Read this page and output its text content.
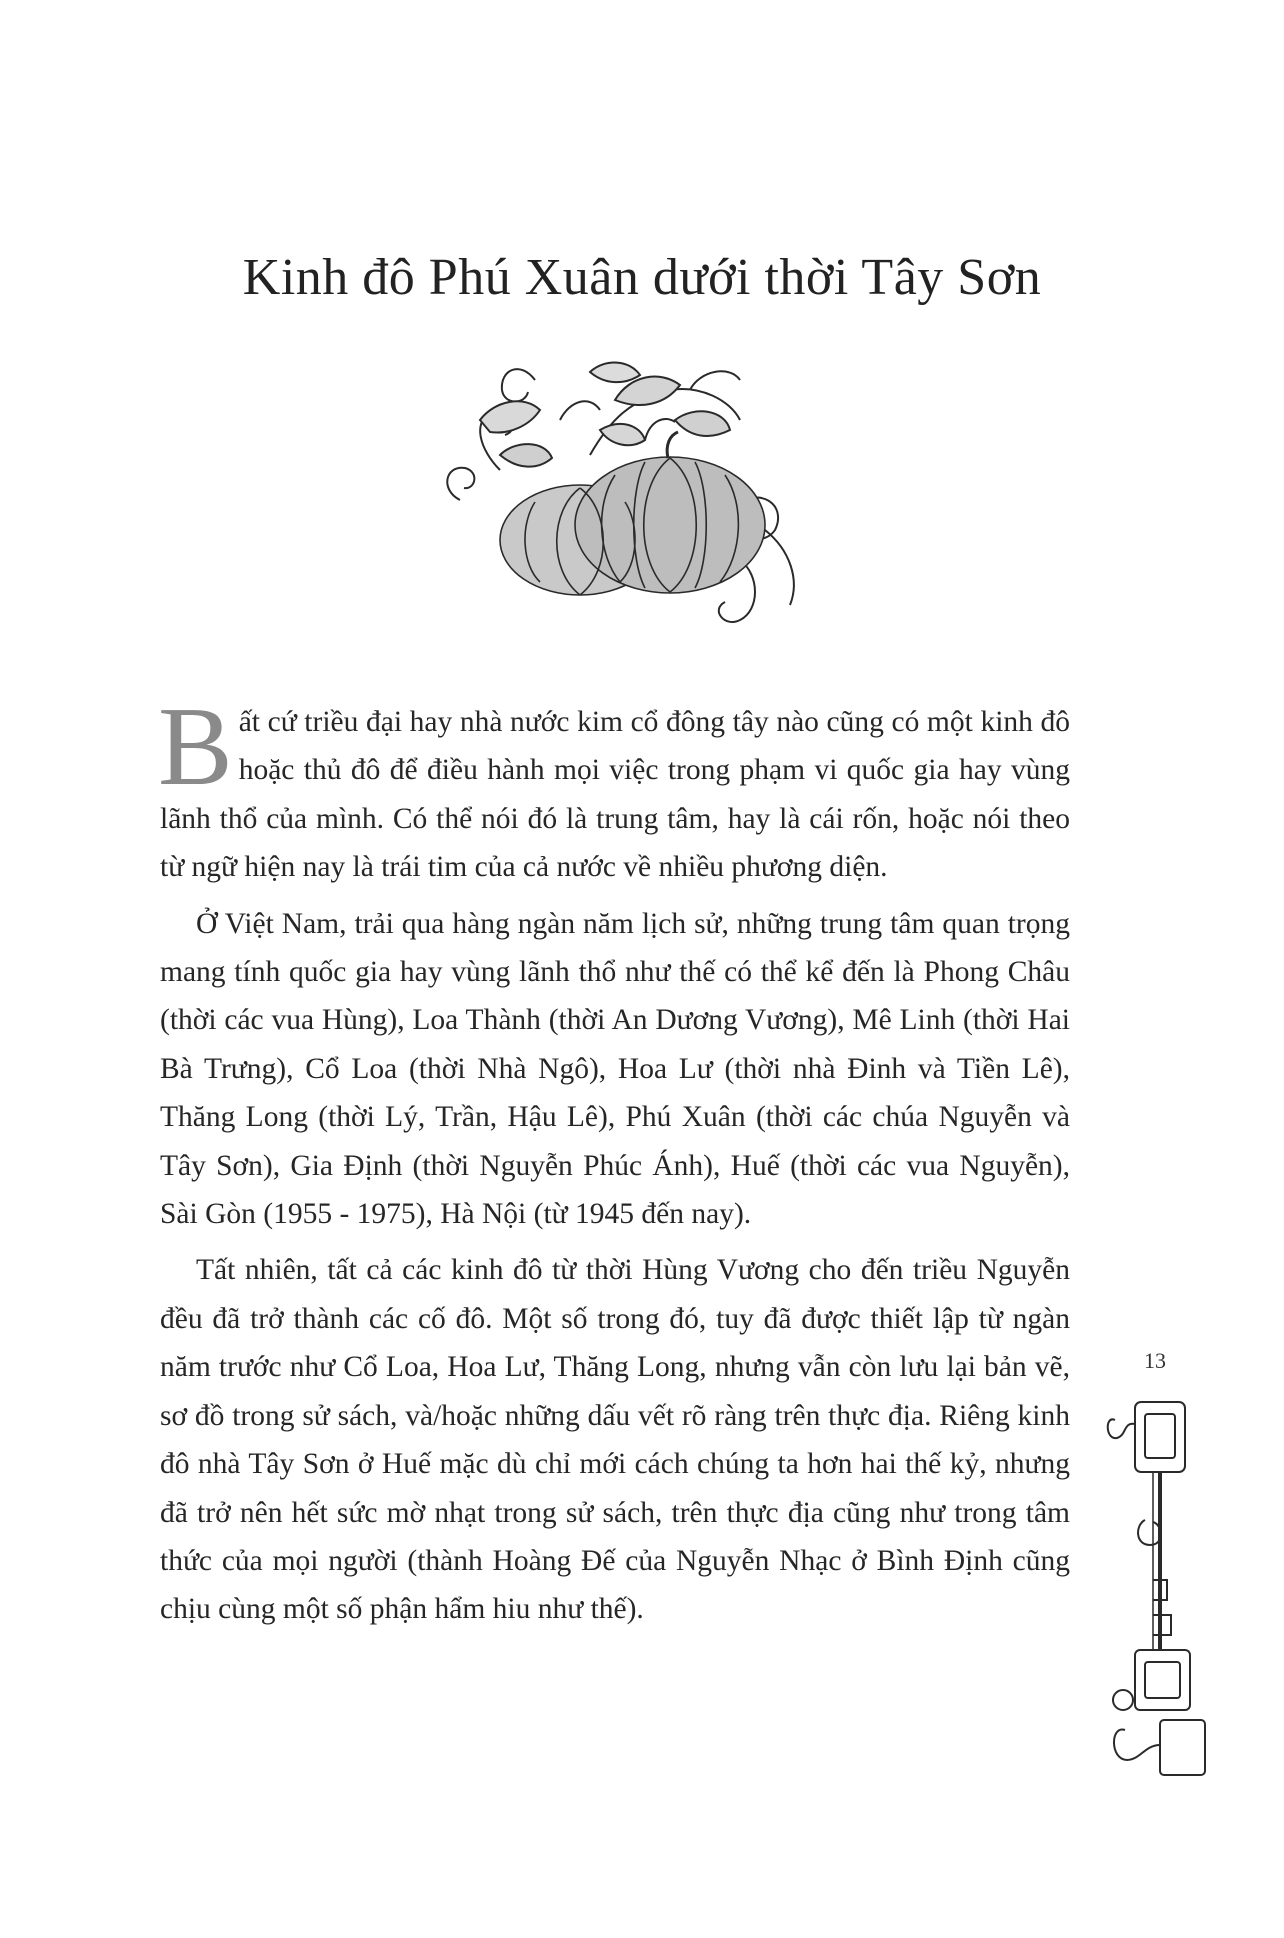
Kinh đô Phú Xuân dưới thời Tây Sơn

Bất cứ triều đại hay nhà nước kim cổ đông tây nào cũng có một kinh đô hoặc thủ đô để điều hành mọi việc trong phạm vi quốc gia hay vùng lãnh thổ của mình. Có thể nói đó là trung tâm, hay là cái rốn, hoặc nói theo từ ngữ hiện nay là trái tim của cả nước về nhiều phương diện.

Ở Việt Nam, trải qua hàng ngàn năm lịch sử, những trung tâm quan trọng mang tính quốc gia hay vùng lãnh thổ như thế có thể kể đến là Phong Châu (thời các vua Hùng), Loa Thành (thời An Dương Vương), Mê Linh (thời Hai Bà Trưng), Cổ Loa (thời Nhà Ngô), Hoa Lư (thời nhà Đinh và Tiền Lê), Thăng Long (thời Lý, Trần, Hậu Lê), Phú Xuân (thời các chúa Nguyễn và Tây Sơn), Gia Định (thời Nguyễn Phúc Ánh), Huế (thời các vua Nguyễn), Sài Gòn (1955 - 1975), Hà Nội (từ 1945 đến nay).

Tất nhiên, tất cả các kinh đô từ thời Hùng Vương cho đến triều Nguyễn đều đã trở thành các cố đô. Một số trong đó, tuy đã được thiết lập từ ngàn năm trước như Cổ Loa, Hoa Lư, Thăng Long, nhưng vẫn còn lưu lại bản vẽ, sơ đồ trong sử sách, và/hoặc những dấu vết rõ ràng trên thực địa. Riêng kinh đô nhà Tây Sơn ở Huế mặc dù chỉ mới cách chúng ta hơn hai thế kỷ, nhưng đã trở nên hết sức mờ nhạt trong sử sách, trên thực địa cũng như trong tâm thức của mọi người (thành Hoàng Đế của Nguyễn Nhạc ở Bình Định cũng chịu cùng một số phận hẩm hiu như thế).

13
